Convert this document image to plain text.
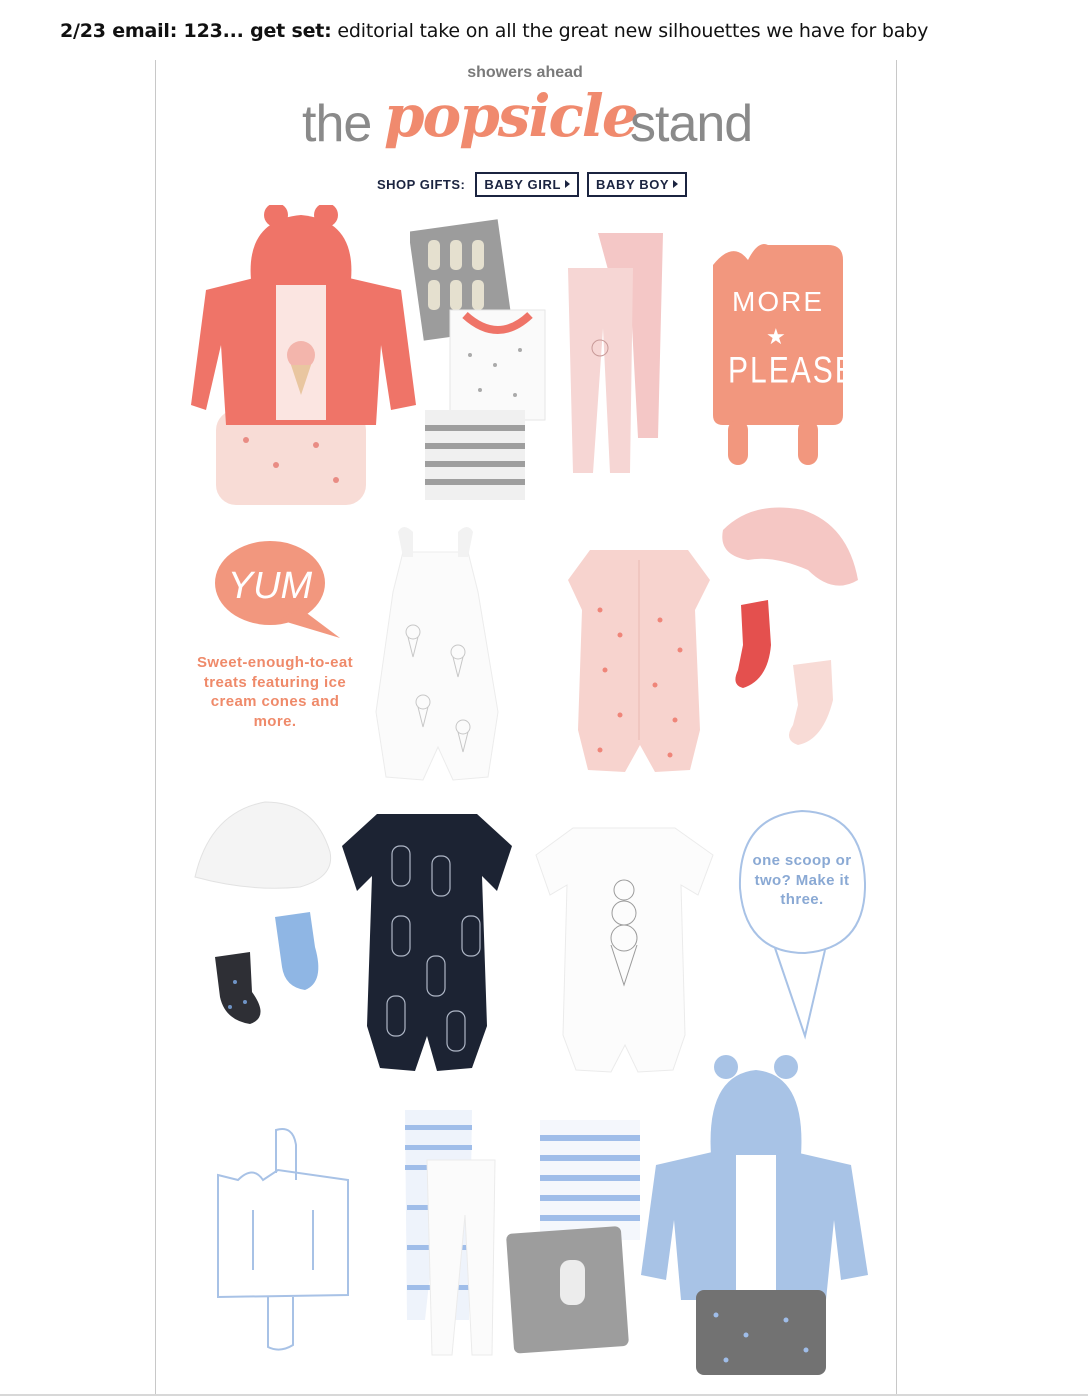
2/23 email: 123... get set: editorial take on all the great new silhouettes we have for baby
showers ahead
the popsicle
stand
SHOP GIFTS: BABY GIRL	BABY BOY
MORE
★
PLEASE
YUM
Sweet-enough-to-eat treats featuring ice cream cones and more.
one scoop or two? Make it three.
